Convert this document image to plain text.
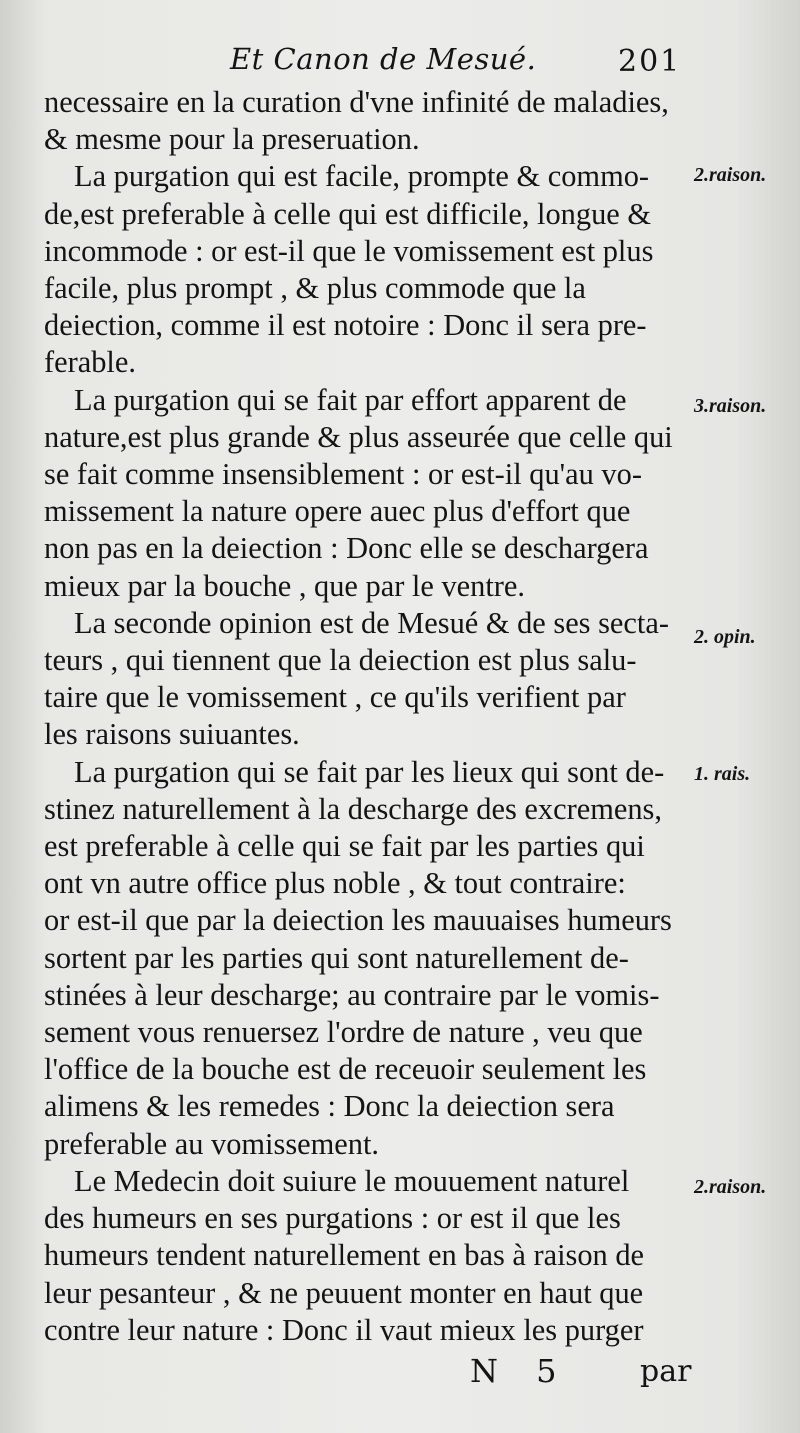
Et Canon de Mesué.	201
necessaire en la curation d'vne infinité de maladies,
& mesme pour la preseruation.
La purgation qui est facile, prompte & commo-
de,est preferable à celle qui est difficile, longue &
incommode : or est-il que le vomissement est plus
facile, plus prompt , & plus commode que la
deiection, comme il est notoire : Donc il sera pre-
ferable.
La purgation qui se fait par effort apparent de
nature,est plus grande & plus asseurée que celle qui
se fait comme insensiblement : or est-il qu'au vo-
missement la nature opere auec plus d'effort que
non pas en la deiection : Donc elle se deschargera
mieux par la bouche , que par le ventre.
La seconde opinion est de Mesué & de ses secta-
teurs , qui tiennent que la deiection est plus salu-
taire que le vomissement , ce qu'ils verifient par
les raisons suiuantes.
La purgation qui se fait par les lieux qui sont de-
stinez naturellement à la descharge des excremens,
est preferable à celle qui se fait par les parties qui
ont vn autre office plus noble , & tout contraire:
or est-il que par la deiection les mauuaises humeurs
sortent par les parties qui sont naturellement de-
stinées à leur descharge; au contraire par le vomis-
sement vous renuersez l'ordre de nature , veu que
l'office de la bouche est de receuoir seulement les
alimens & les remedes : Donc la deiection sera
preferable au vomissement.
Le Medecin doit suiure le mouuement naturel
des humeurs en ses purgations : or est il que les
humeurs tendent naturellement en bas à raison de
leur pesanteur , & ne peuuent monter en haut que
contre leur nature : Donc il vaut mieux les purger
2.raison.
3.raison.
2. opin.
1. rais.
2.raison.
N 5 par
